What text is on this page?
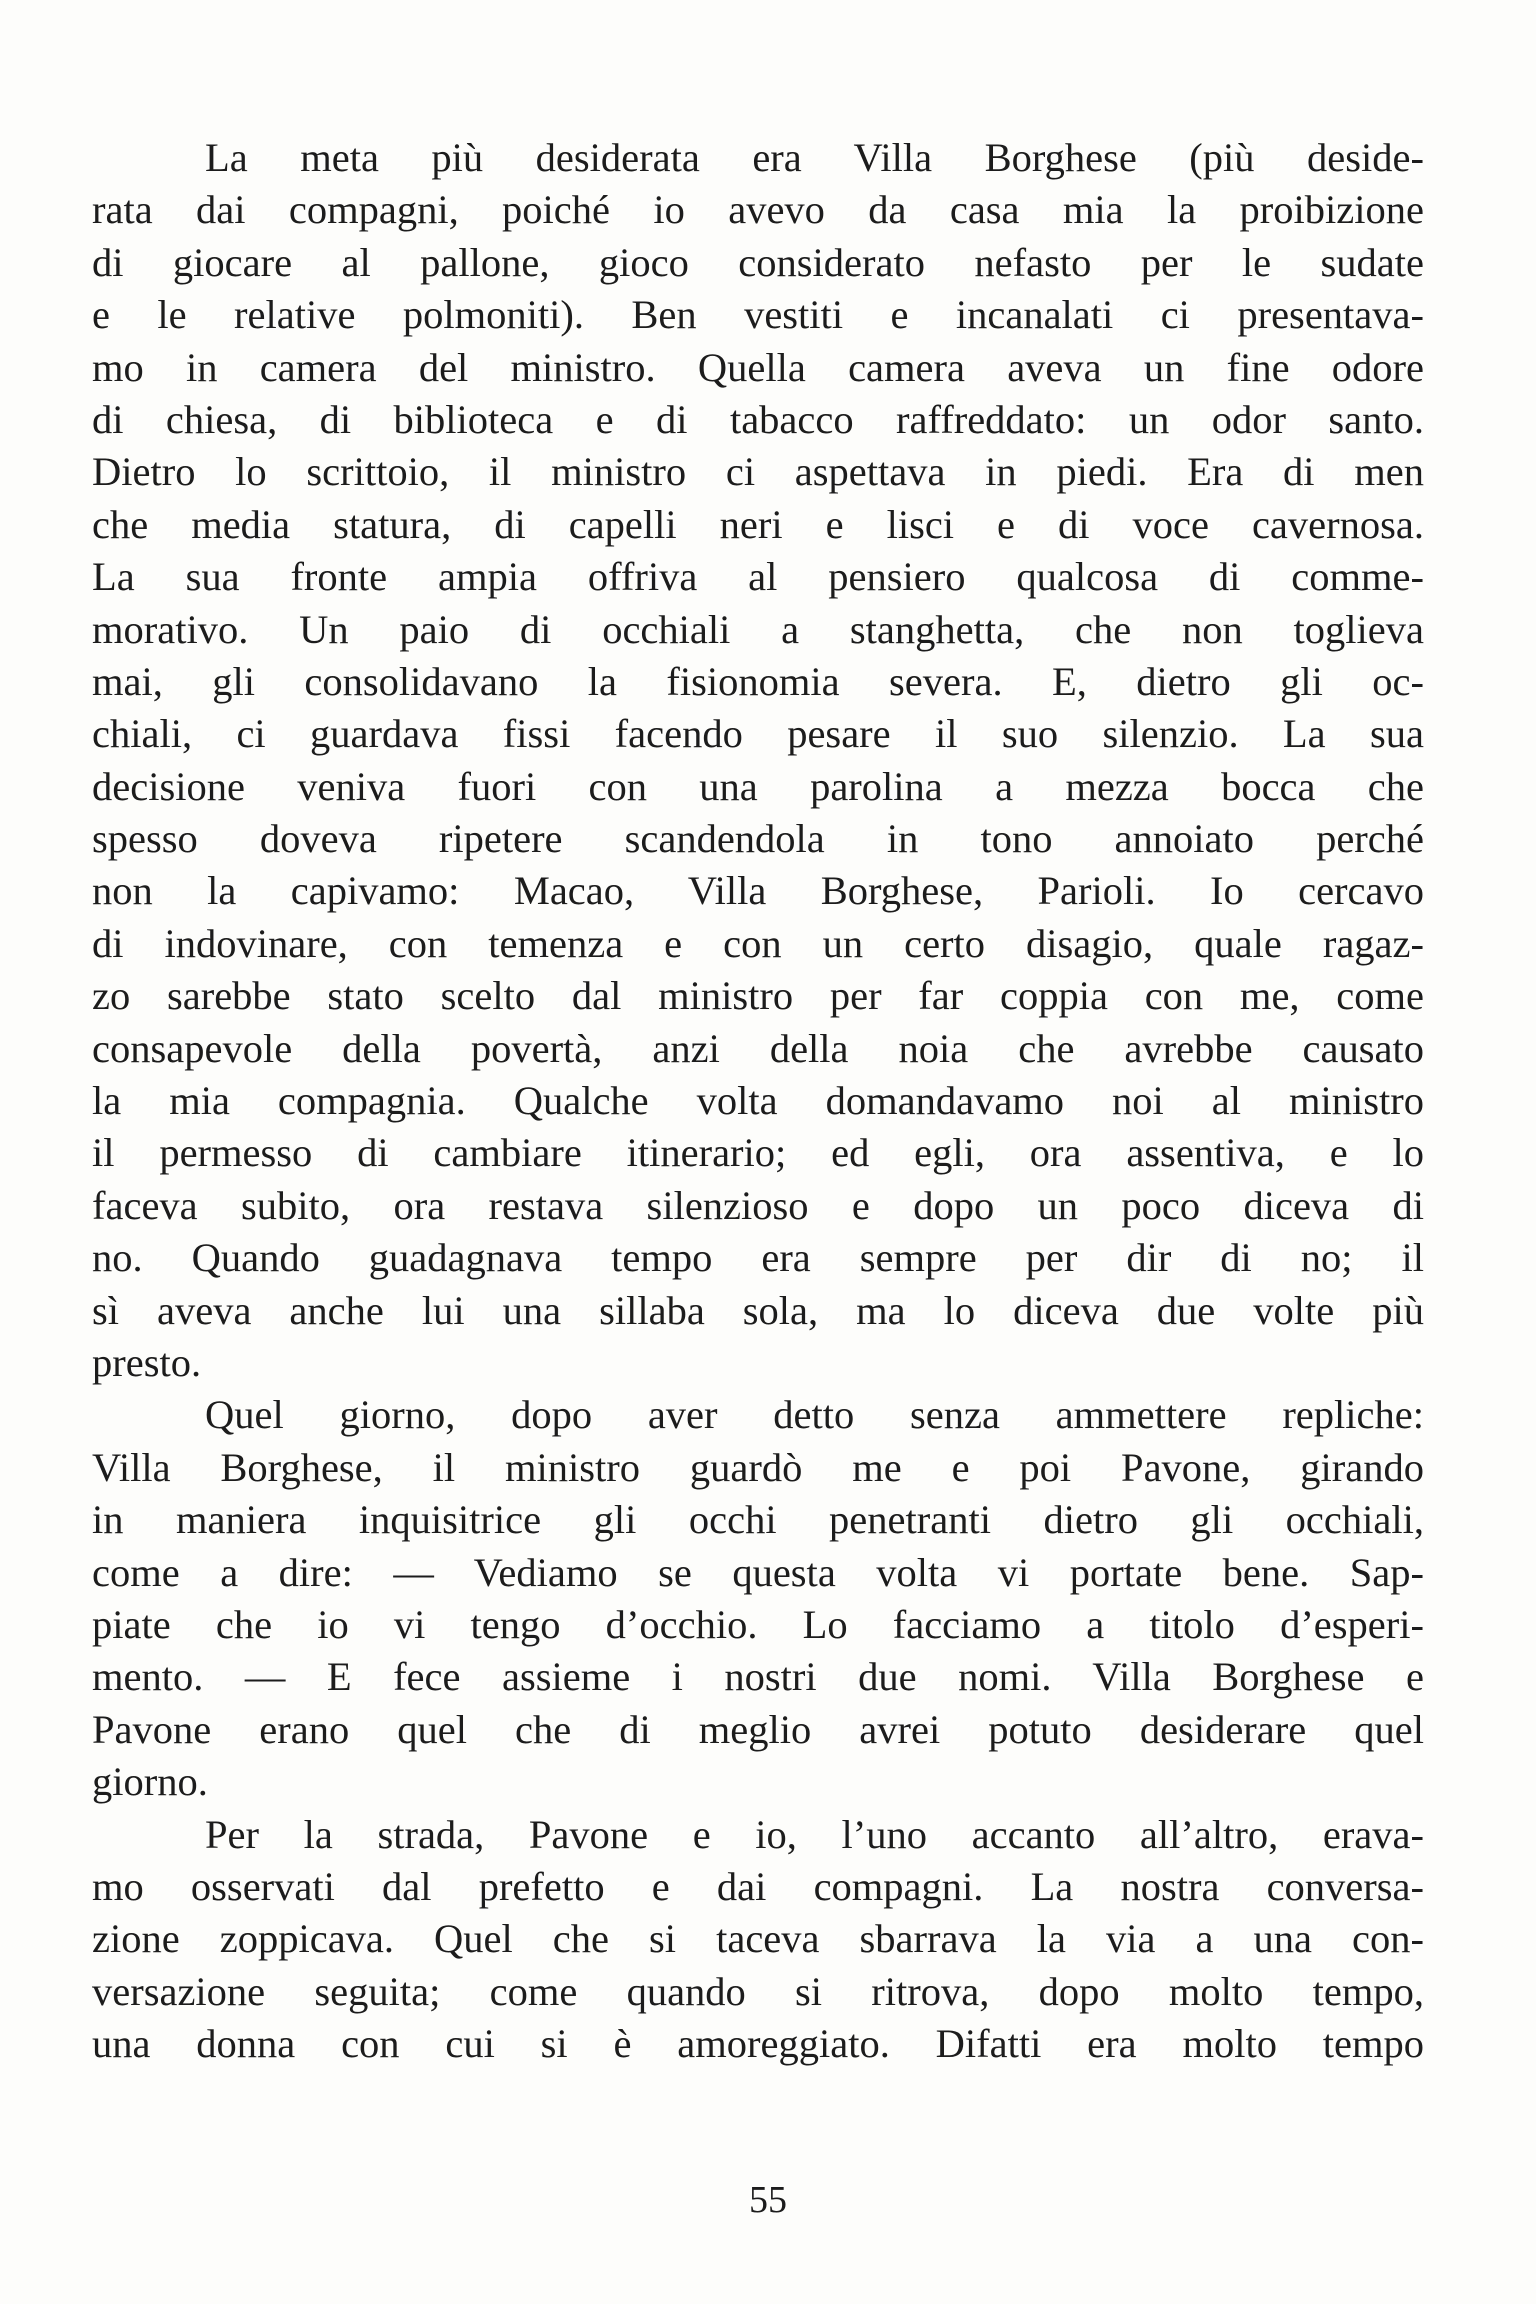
La meta più desiderata era Villa Borghese (più deside-
rata dai compagni, poiché io avevo da casa mia la proibizione
di giocare al pallone, gioco considerato nefasto per le sudate
e le relative polmoniti). Ben vestiti e incanalati ci presentava-
mo in camera del ministro. Quella camera aveva un fine odore
di chiesa, di biblioteca e di tabacco raffreddato: un odor santo.
Dietro lo scrittoio, il ministro ci aspettava in piedi. Era di men
che media statura, di capelli neri e lisci e di voce cavernosa.
La sua fronte ampia offriva al pensiero qualcosa di comme-
morativo. Un paio di occhiali a stanghetta, che non toglieva
mai, gli consolidavano la fisionomia severa. E, dietro gli oc-
chiali, ci guardava fissi facendo pesare il suo silenzio. La sua
decisione veniva fuori con una parolina a mezza bocca che
spesso doveva ripetere scandendola in tono annoiato perché
non la capivamo: Macao, Villa Borghese, Parioli. Io cercavo
di indovinare, con temenza e con un certo disagio, quale ragaz-
zo sarebbe stato scelto dal ministro per far coppia con me, come
consapevole della povertà, anzi della noia che avrebbe causato
la mia compagnia. Qualche volta domandavamo noi al ministro
il permesso di cambiare itinerario; ed egli, ora assentiva, e lo
faceva subito, ora restava silenzioso e dopo un poco diceva di
no. Quando guadagnava tempo era sempre per dir di no; il
sì aveva anche lui una sillaba sola, ma lo diceva due volte più
presto.
Quel giorno, dopo aver detto senza ammettere repliche:
Villa Borghese, il ministro guardò me e poi Pavone, girando
in maniera inquisitrice gli occhi penetranti dietro gli occhiali,
come a dire: — Vediamo se questa volta vi portate bene. Sap-
piate che io vi tengo d’occhio. Lo facciamo a titolo d’esperi-
mento. — E fece assieme i nostri due nomi. Villa Borghese e
Pavone erano quel che di meglio avrei potuto desiderare quel
giorno.
Per la strada, Pavone e io, l’uno accanto all’altro, eravа-
mo osservati dal prefetto e dai compagni. La nostra conversa-
zione zoppicava. Quel che si taceva sbarrava la via a una con-
versazione seguita; come quando si ritrova, dopo molto tempo,
una donna con cui si è amoreggiato. Difatti era molto tempo
55
